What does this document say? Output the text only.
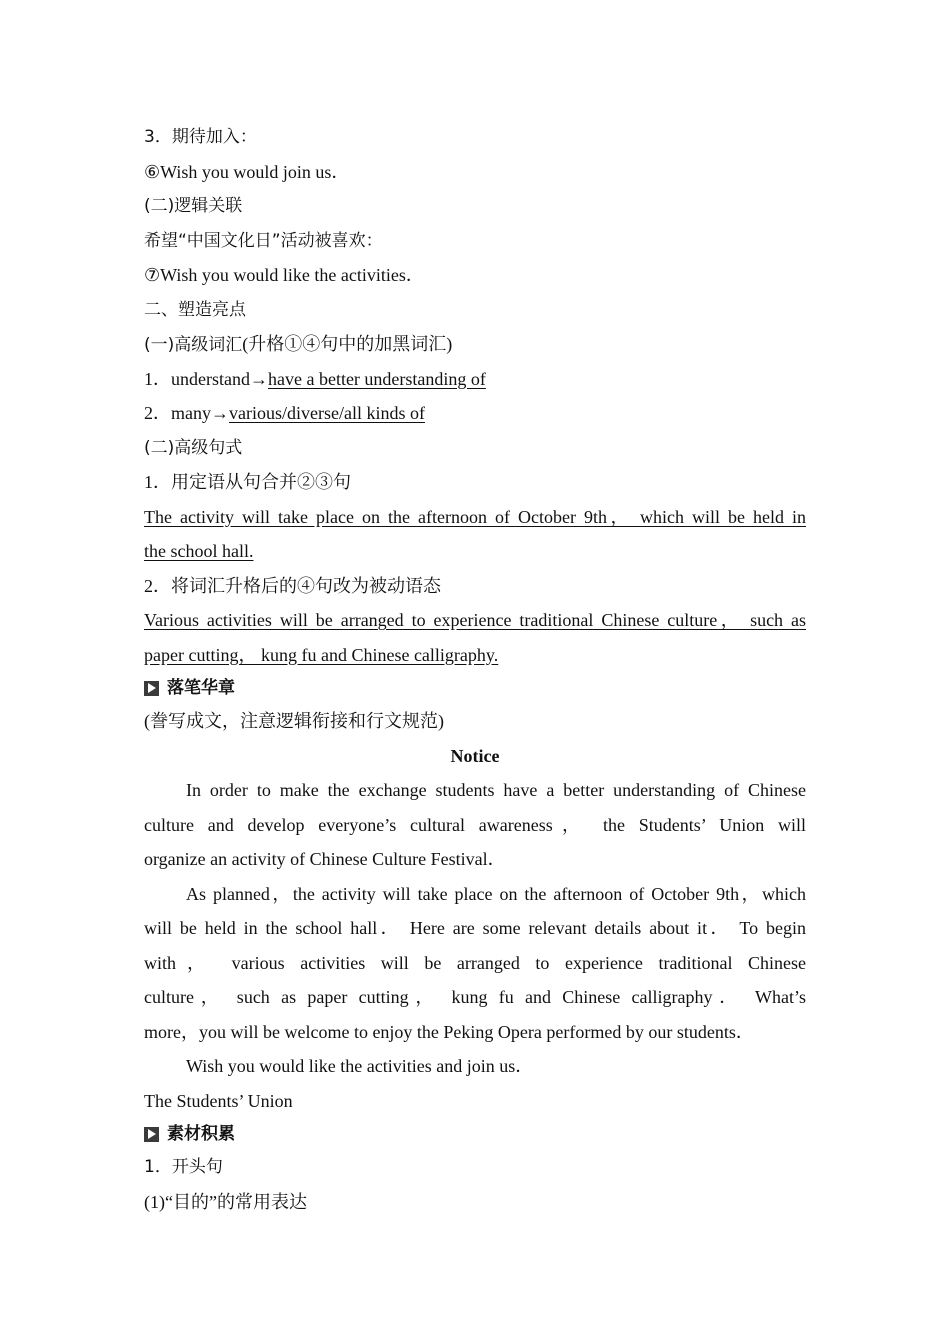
3．期待加入：
⑥Wish you would join us．
(二)逻辑关联
希望“中国文化日”活动被喜欢：
⑦Wish you would like the activities．
二、塑造亮点
(一)高级词汇(升格①④句中的加黑词汇)
1．understand→have a better understanding of
2．many→various/diverse/all kinds of
(二)高级句式
1．用定语从句合并②③句
The activity will take place on the afternoon of October 9th， which will be held in
the school hall.
2．将词汇升格后的④句改为被动语态
Various activities will be arranged to experience traditional Chinese culture， such as
paper cutting， kung fu and Chinese calligraphy.
落笔华章
(誊写成文，注意逻辑衔接和行文规范)
Notice
In order to make the exchange students have a better understanding of Chinese
culture and develop everyone’s cultural awareness， the Students’ Union will
organize an activity of Chinese Culture Festival．
As planned，the activity will take place on the afternoon of October 9th，which
will be held in the school hall． Here are some relevant details about it． To begin
with， various activities will be arranged to experience traditional Chinese
culture， such as paper cutting， kung fu and Chinese calligraphy． What’s
more，you will be welcome to enjoy the Peking Opera performed by our students．
Wish you would like the activities and join us．
The Students’ Union
素材积累
1．开头句
(1)“目的”的常用表达
